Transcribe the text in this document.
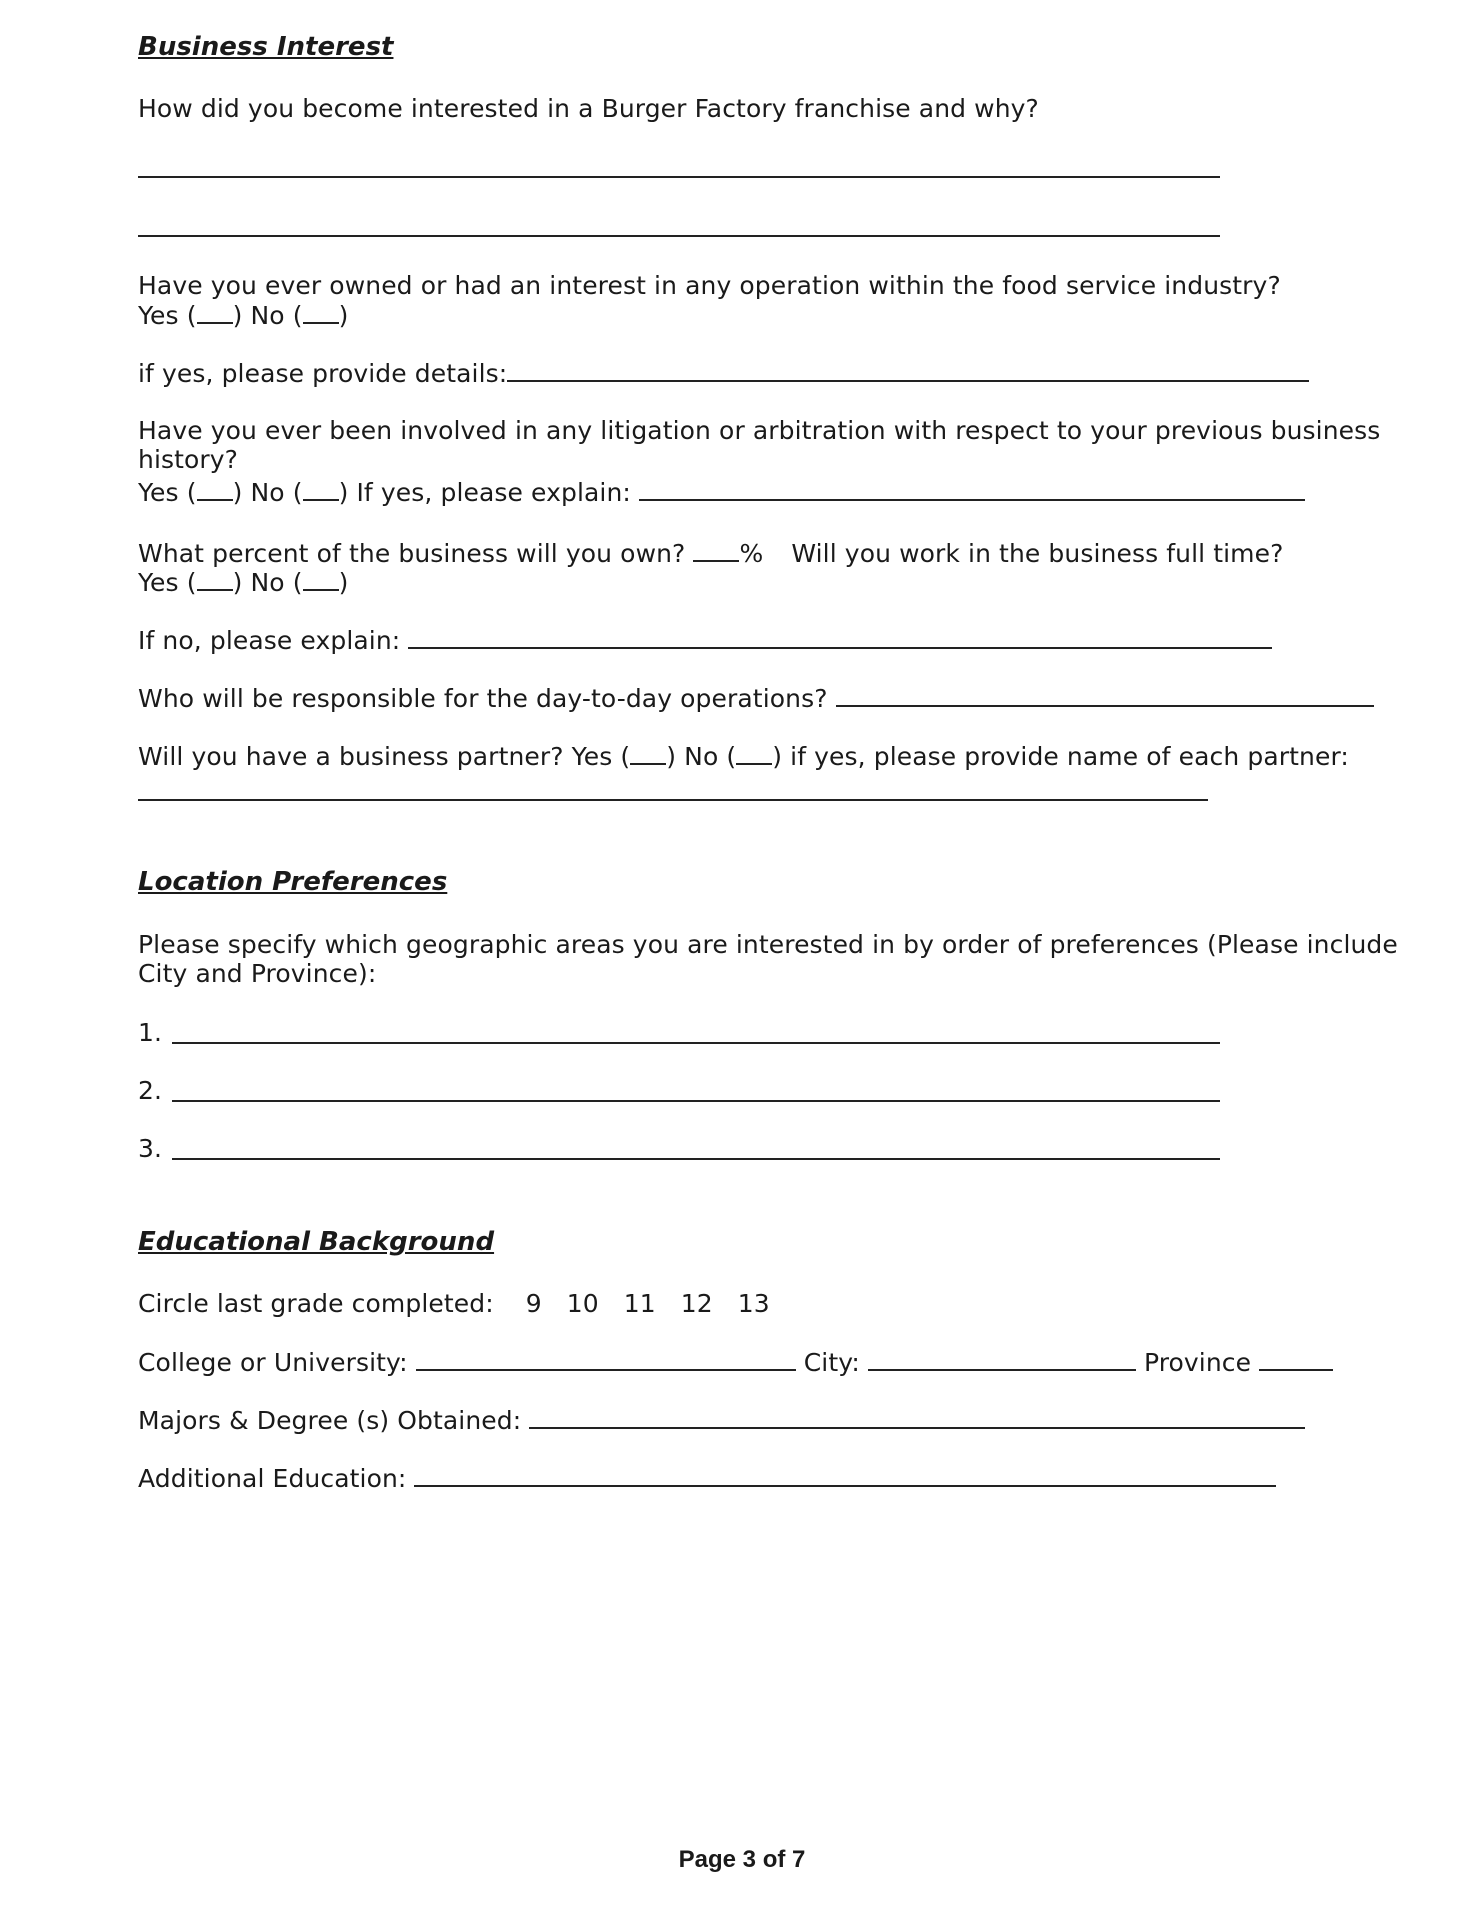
Business Interest
How did you become interested in a Burger Factory franchise and why?
Have you ever owned or had an interest in any operation within the food service industry?
Yes ( ) No ( )
if yes, please provide details:
Have you ever been involved in any litigation or arbitration with respect to your previous business
history?
Yes ( ) No ( ) If yes, please explain:
What percent of the business will you own? % Will you work in the business full time?
Yes ( ) No ( )
If no, please explain:
Who will be responsible for the day-to-day operations?
Will you have a business partner? Yes ( ) No ( ) if yes, please provide name of each partner:
Location Preferences
Please specify which geographic areas you are interested in by order of preferences (Please include
City and Province):
1.
2.
3.
Educational Background
Circle last grade completed: 9 10 11 12 13
College or University:	City:	Province
Majors & Degree (s) Obtained:
Additional Education:
Page 3 of 7
